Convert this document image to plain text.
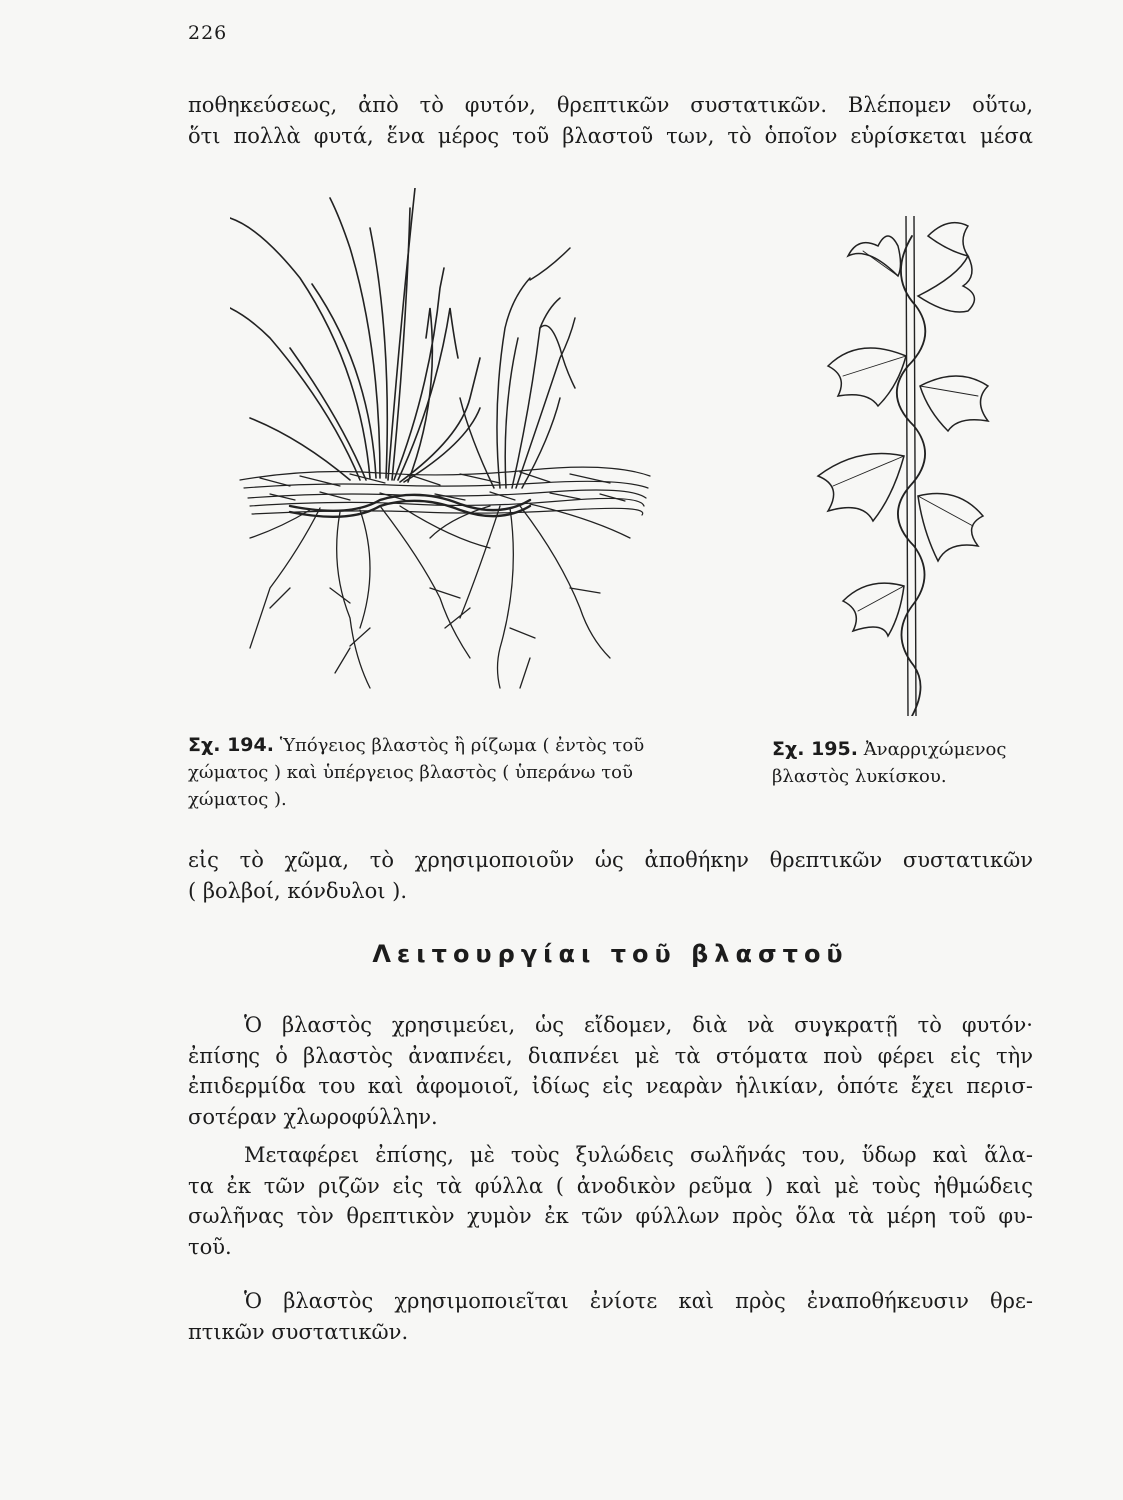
226

ποθηκεύσεως, ἀπὸ τὸ φυτόν, θρεπτικῶν συστατικῶν. Βλέπομεν οὕτω,
ὅτι πολλὰ φυτά, ἕνα μέρος τοῦ βλαστοῦ των, τὸ ὁποῖον εὑρίσκεται μέσα

Σχ. 194. Ὑπόγειος βλαστὸς ἢ ρίζωμα ( ἐντὸς τοῦ χώματος ) καὶ ὑπέργειος βλαστὸς ( ὑπεράνω τοῦ χώματος ).

Σχ. 195. Ἀναρριχώμενος βλαστὸς λυκίσκου.

εἰς τὸ χῶμα, τὸ χρησιμοποιοῦν ὡς ἀποθήκην θρεπτικῶν συστατικῶν
( βολβοί, κόνδυλοι ).

Λειτουργίαι τοῦ βλαστοῦ

Ὁ βλαστὸς χρησιμεύει, ὡς εἴδομεν, διὰ νὰ συγκρατῇ τὸ φυτόν·
ἐπίσης ὁ βλαστὸς ἀναπνέει, διαπνέει μὲ τὰ στόματα ποὺ φέρει εἰς τὴν
ἐπιδερμίδα του καὶ ἀφομοιοῖ, ἰδίως εἰς νεαρὰν ἡλικίαν, ὁπότε ἔχει περισ-
σοτέραν χλωροφύλλην.

Μεταφέρει ἐπίσης, μὲ τοὺς ξυλώδεις σωλῆνάς του, ὕδωρ καὶ ἅλα-
τα ἐκ τῶν ριζῶν εἰς τὰ φύλλα ( ἀνοδικὸν ρεῦμα ) καὶ μὲ τοὺς ἠθμώδεις
σωλῆνας τὸν θρεπτικὸν χυμὸν ἐκ τῶν φύλλων πρὸς ὅλα τὰ μέρη τοῦ φυ-
τοῦ.

Ὁ βλαστὸς χρησιμοποιεῖται ἐνίοτε καὶ πρὸς ἐναποθήκευσιν θρε-
πτικῶν συστατικῶν.
